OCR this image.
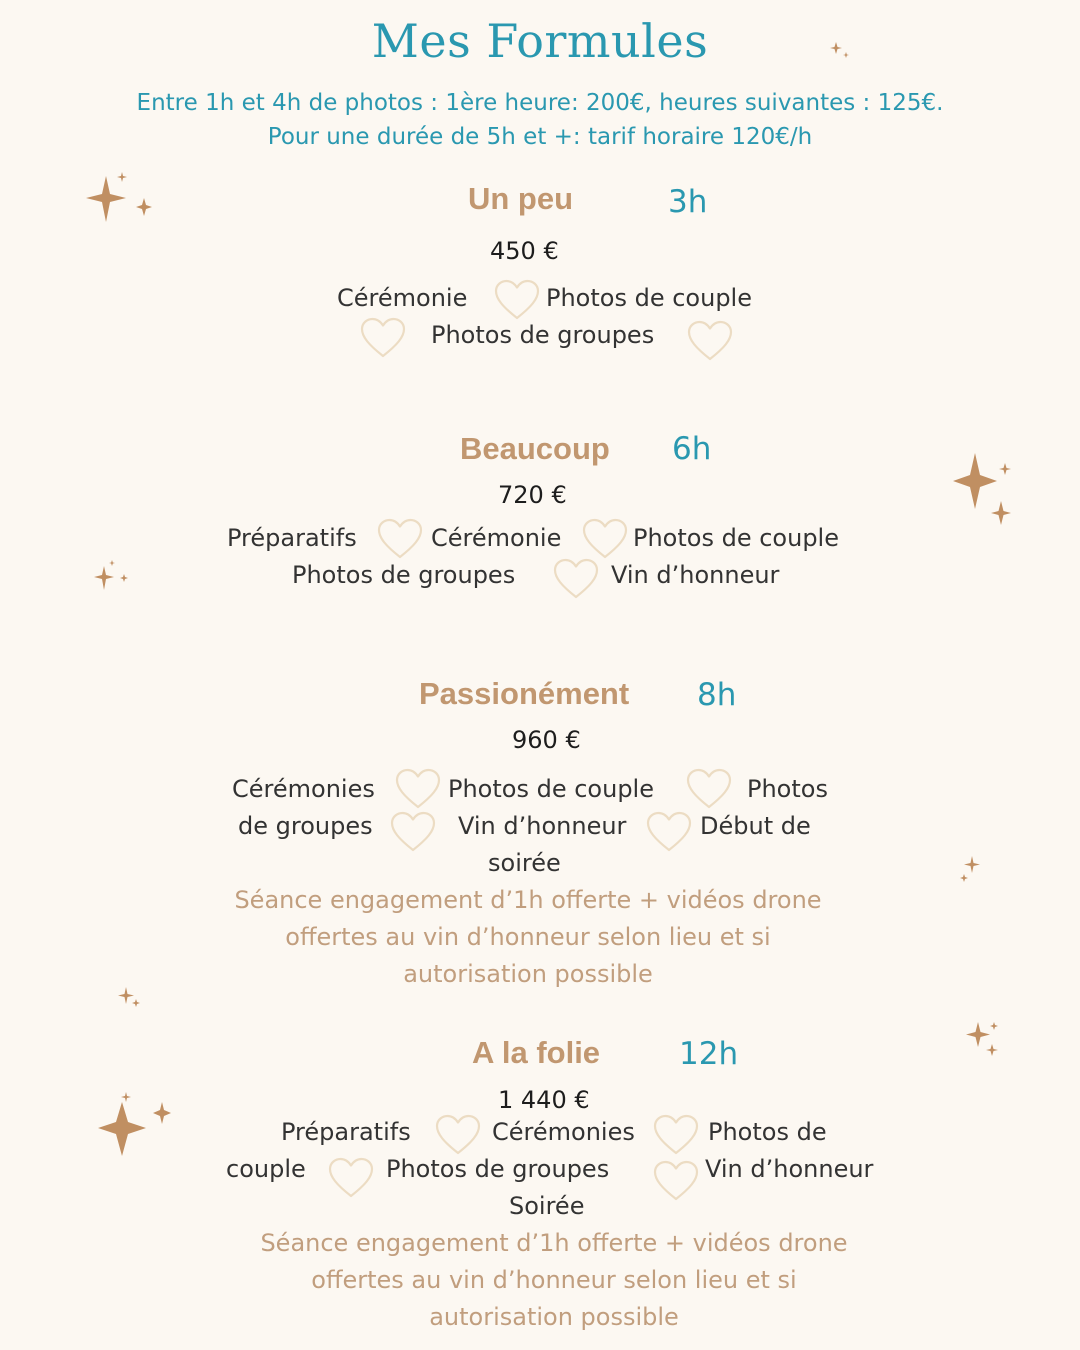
Mes Formules
Entre 1h et 4h de photos : 1ère heure: 200€, heures suivantes : 125€.
Pour une durée de 5h et +: tarif horaire 120€/h
Un peu	3h
450 €
Cérémonie	Photos de couple
Photos de groupes
Beaucoup 6h
720 €
Préparatifs	Cérémonie	Photos de couple
Photos de groupes	Vin d’honneur
Passionément 8h
960 €
Cérémonies	Photos de couple	Photos
de groupes	Vin d’honneur	Début de
soirée
Séance engagement d’1h offerte + vidéos drone
offertes au vin d’honneur selon lieu et si
autorisation possible
A la folie	12h
1 440 €
Préparatifs	Cérémonies	Photos de
couple	Photos de groupes	Vin d’honneur
Soirée
Séance engagement d’1h offerte + vidéos drone
offertes au vin d’honneur selon lieu et si
autorisation possible
